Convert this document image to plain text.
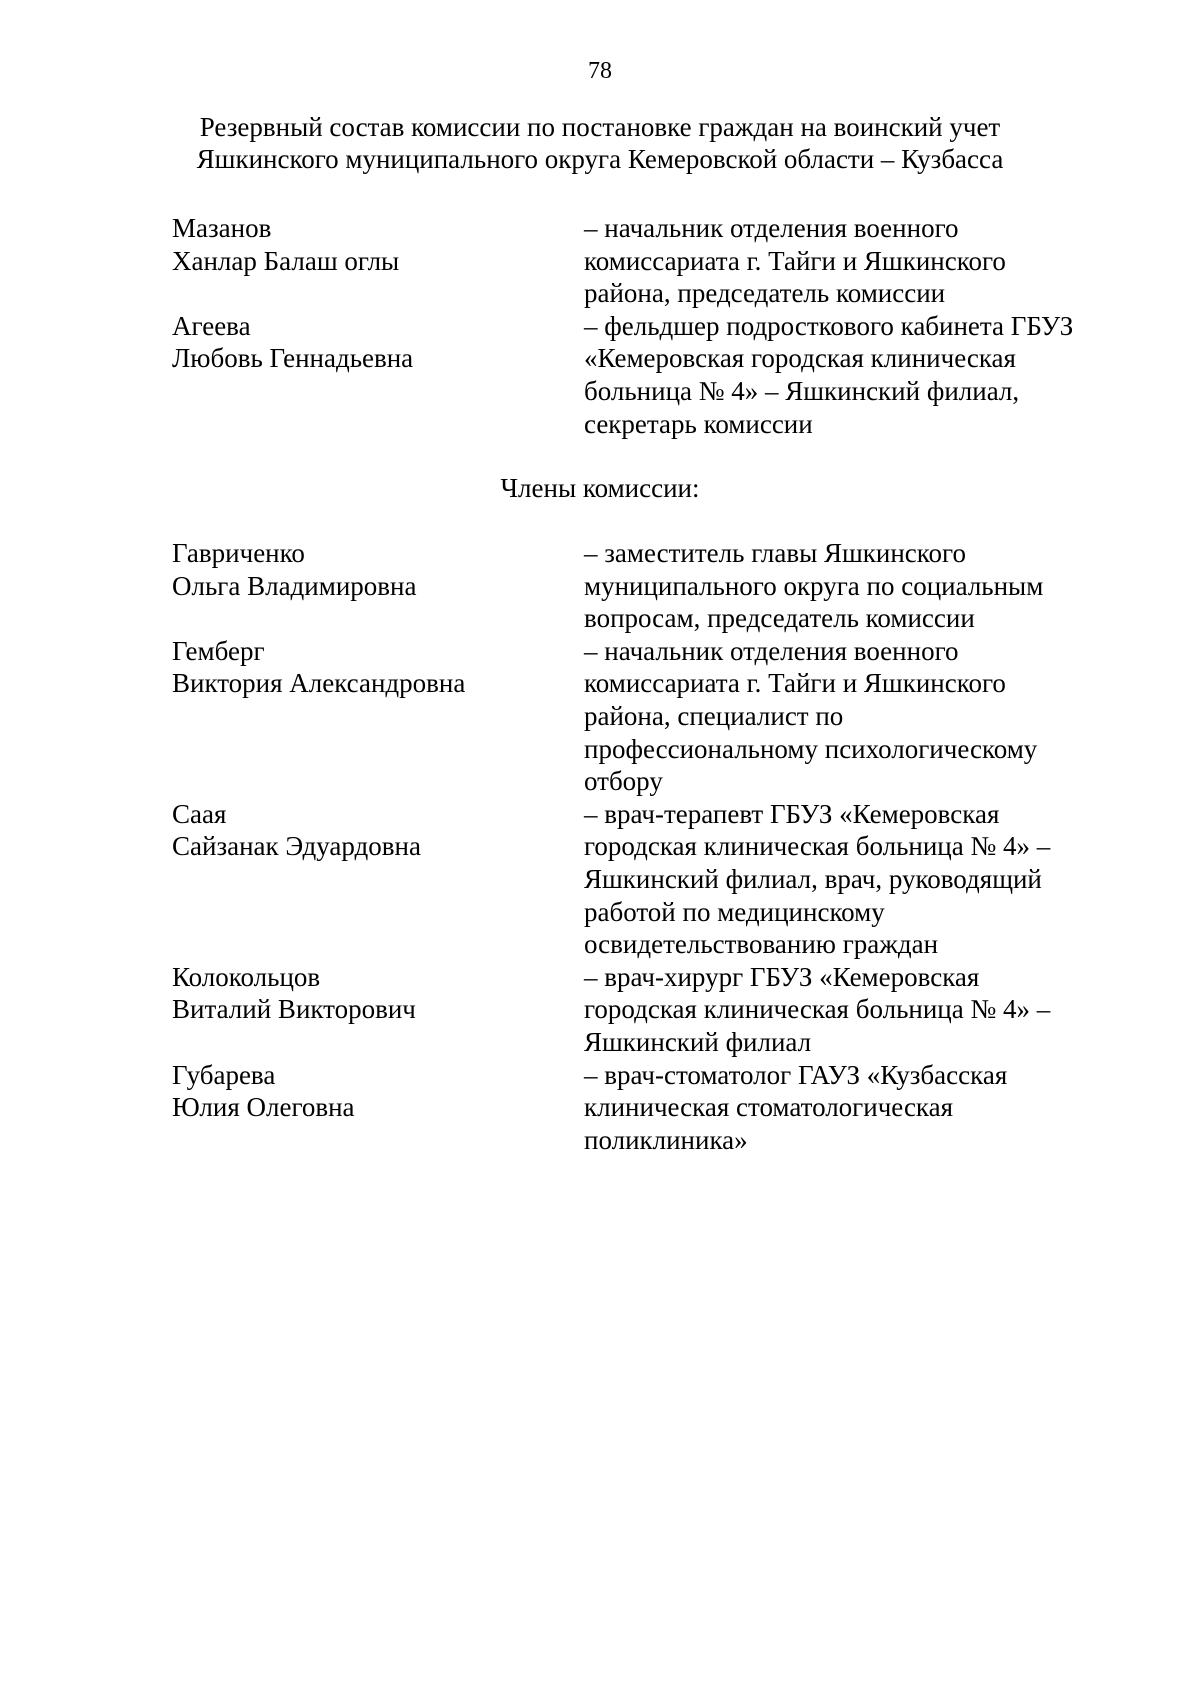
78
Резервный состав комиссии по постановке граждан на воинский учет
Яшкинского муниципального округа Кемеровской области – Кузбасса
Мазанов
Ханлар Балаш оглы
– начальник отделения военного
комиссариата г. Тайги и Яшкинского
района, председатель комиссии
Агеева
Любовь Геннадьевна
– фельдшер подросткового кабинета ГБУЗ
«Кемеровская городская клиническая
больница № 4» – Яшкинский филиал,
секретарь комиссии
Члены комиссии:
Гавриченко
Ольга Владимировна
– заместитель главы Яшкинского
муниципального округа по социальным
вопросам, председатель комиссии
Гемберг
Виктория Александровна
– начальник отделения военного
комиссариата г. Тайги и Яшкинского
района, специалист по
профессиональному психологическому
отбору
Саая
Сайзанак Эдуардовна
– врач-терапевт ГБУЗ «Кемеровская
городская клиническая больница № 4» –
Яшкинский филиал, врач, руководящий
работой по медицинскому
освидетельствованию граждан
Колокольцов
Виталий Викторович
– врач-хирург ГБУЗ «Кемеровская
городская клиническая больница № 4» –
Яшкинский филиал
Губарева
Юлия Олеговна
– врач-стоматолог ГАУЗ «Кузбасская
клиническая стоматологическая
поликлиника»
